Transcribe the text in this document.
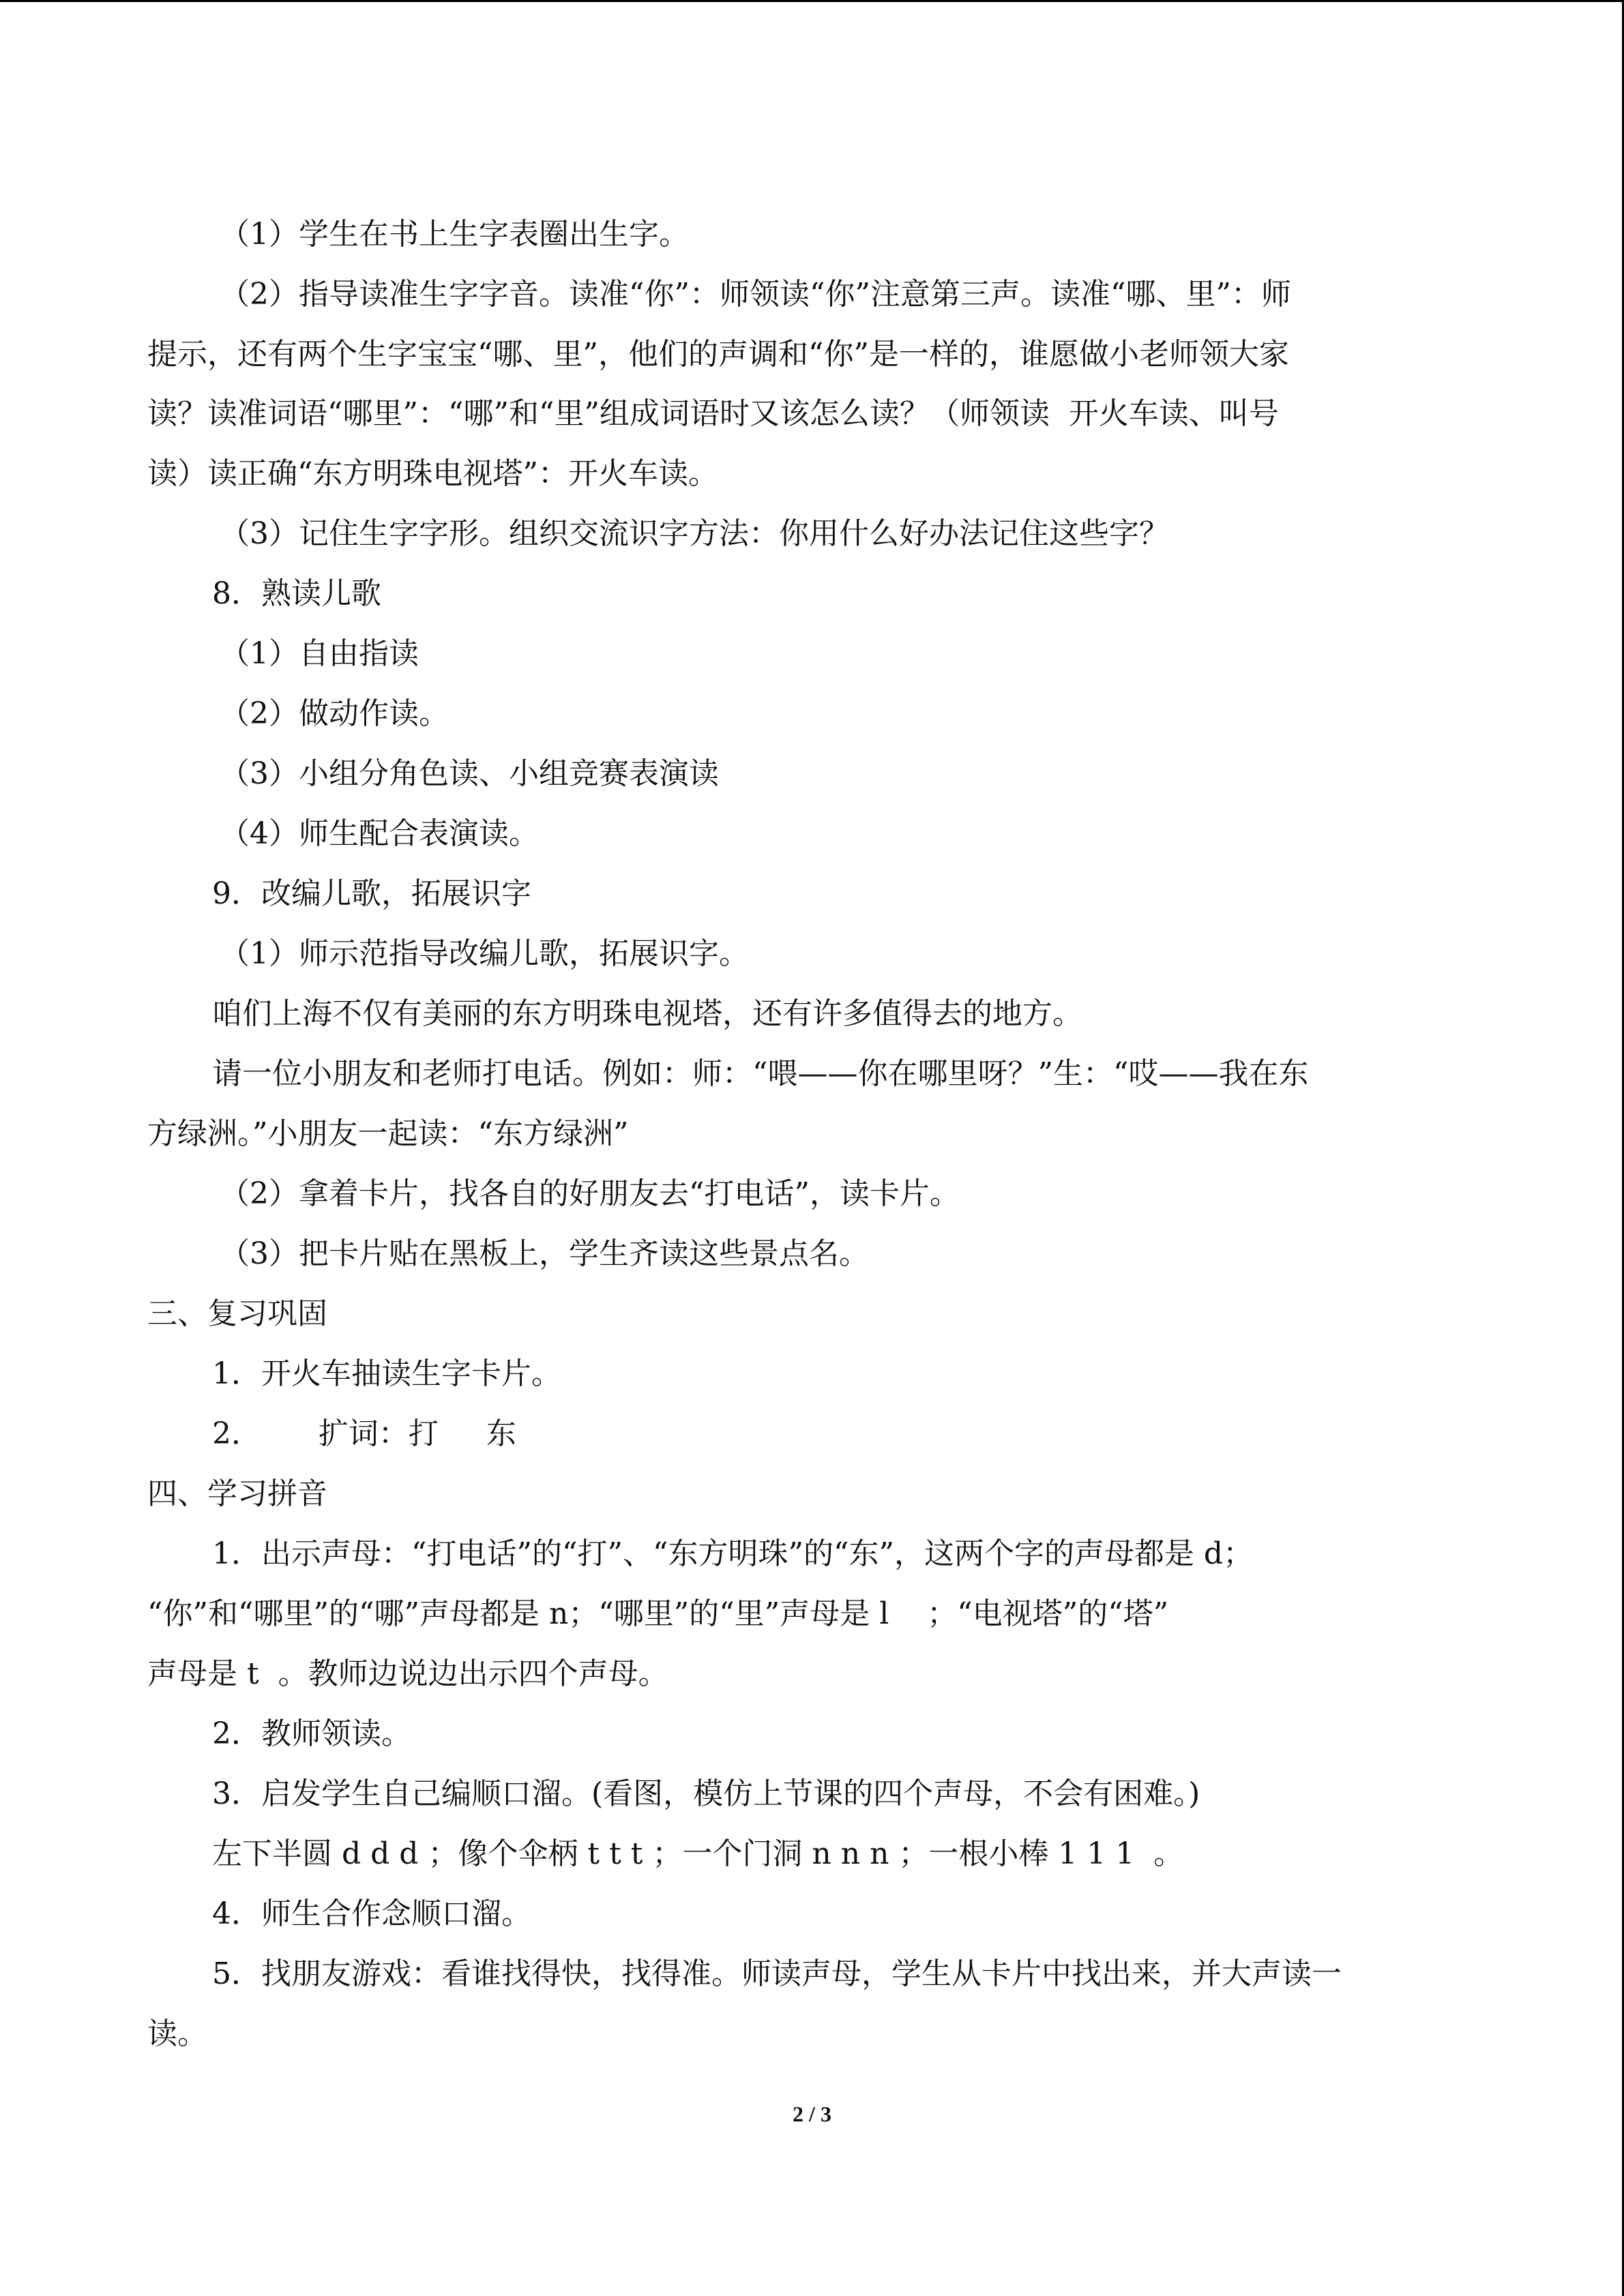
（1）学生在书上生字表圈出生字。
（2）指导读准生字字音。读准“你”：师领读“你”注意第三声。读准“哪、里”：师
提示，还有两个生字宝宝“哪、里”，他们的声调和“你”是一样的，谁愿做小老师领大家
读？读准词语“哪里”：“哪”和“里”组成词语时又该怎么读？（师领读  开火车读、叫号
读）读正确“东方明珠电视塔”：开火车读。
（3）记住生字字形。组织交流识字方法：你用什么好办法记住这些字？
8．熟读儿歌
（1）自由指读
（2）做动作读。
（3）小组分角色读、小组竞赛表演读
（4）师生配合表演读。
9．改编儿歌，拓展识字
（1）师示范指导改编儿歌，拓展识字。
咱们上海不仅有美丽的东方明珠电视塔，还有许多值得去的地方。
请一位小朋友和老师打电话。例如：师：“喂——你在哪里呀？”生：“哎——我在东
方绿洲。”小朋友一起读：“东方绿洲”
（2）拿着卡片，找各自的好朋友去“打电话”，读卡片。
（3）把卡片贴在黑板上，学生齐读这些景点名。
三、复习巩固
1．开火车抽读生字卡片。
2．      扩词：打     东
四、学习拼音
1．出示声母：“打电话”的“打”、“东方明珠”的“东”，这两个字的声母都是 d；
“你”和“哪里”的“哪”声母都是 n；“哪里”的“里”声母是 l    ；“电视塔”的“塔”
声母是 t  。教师边说边出示四个声母。
2．教师领读。
3．启发学生自己编顺口溜。(看图，模仿上节课的四个声母，不会有困难。)
左下半圆 d d d ；像个伞柄 t t t ；一个门洞 n n n ；一根小棒 1 1 1  。
4．师生合作念顺口溜。
5．找朋友游戏：看谁找得快，找得准。师读声母，学生从卡片中找出来，并大声读一
读。
2 / 3
